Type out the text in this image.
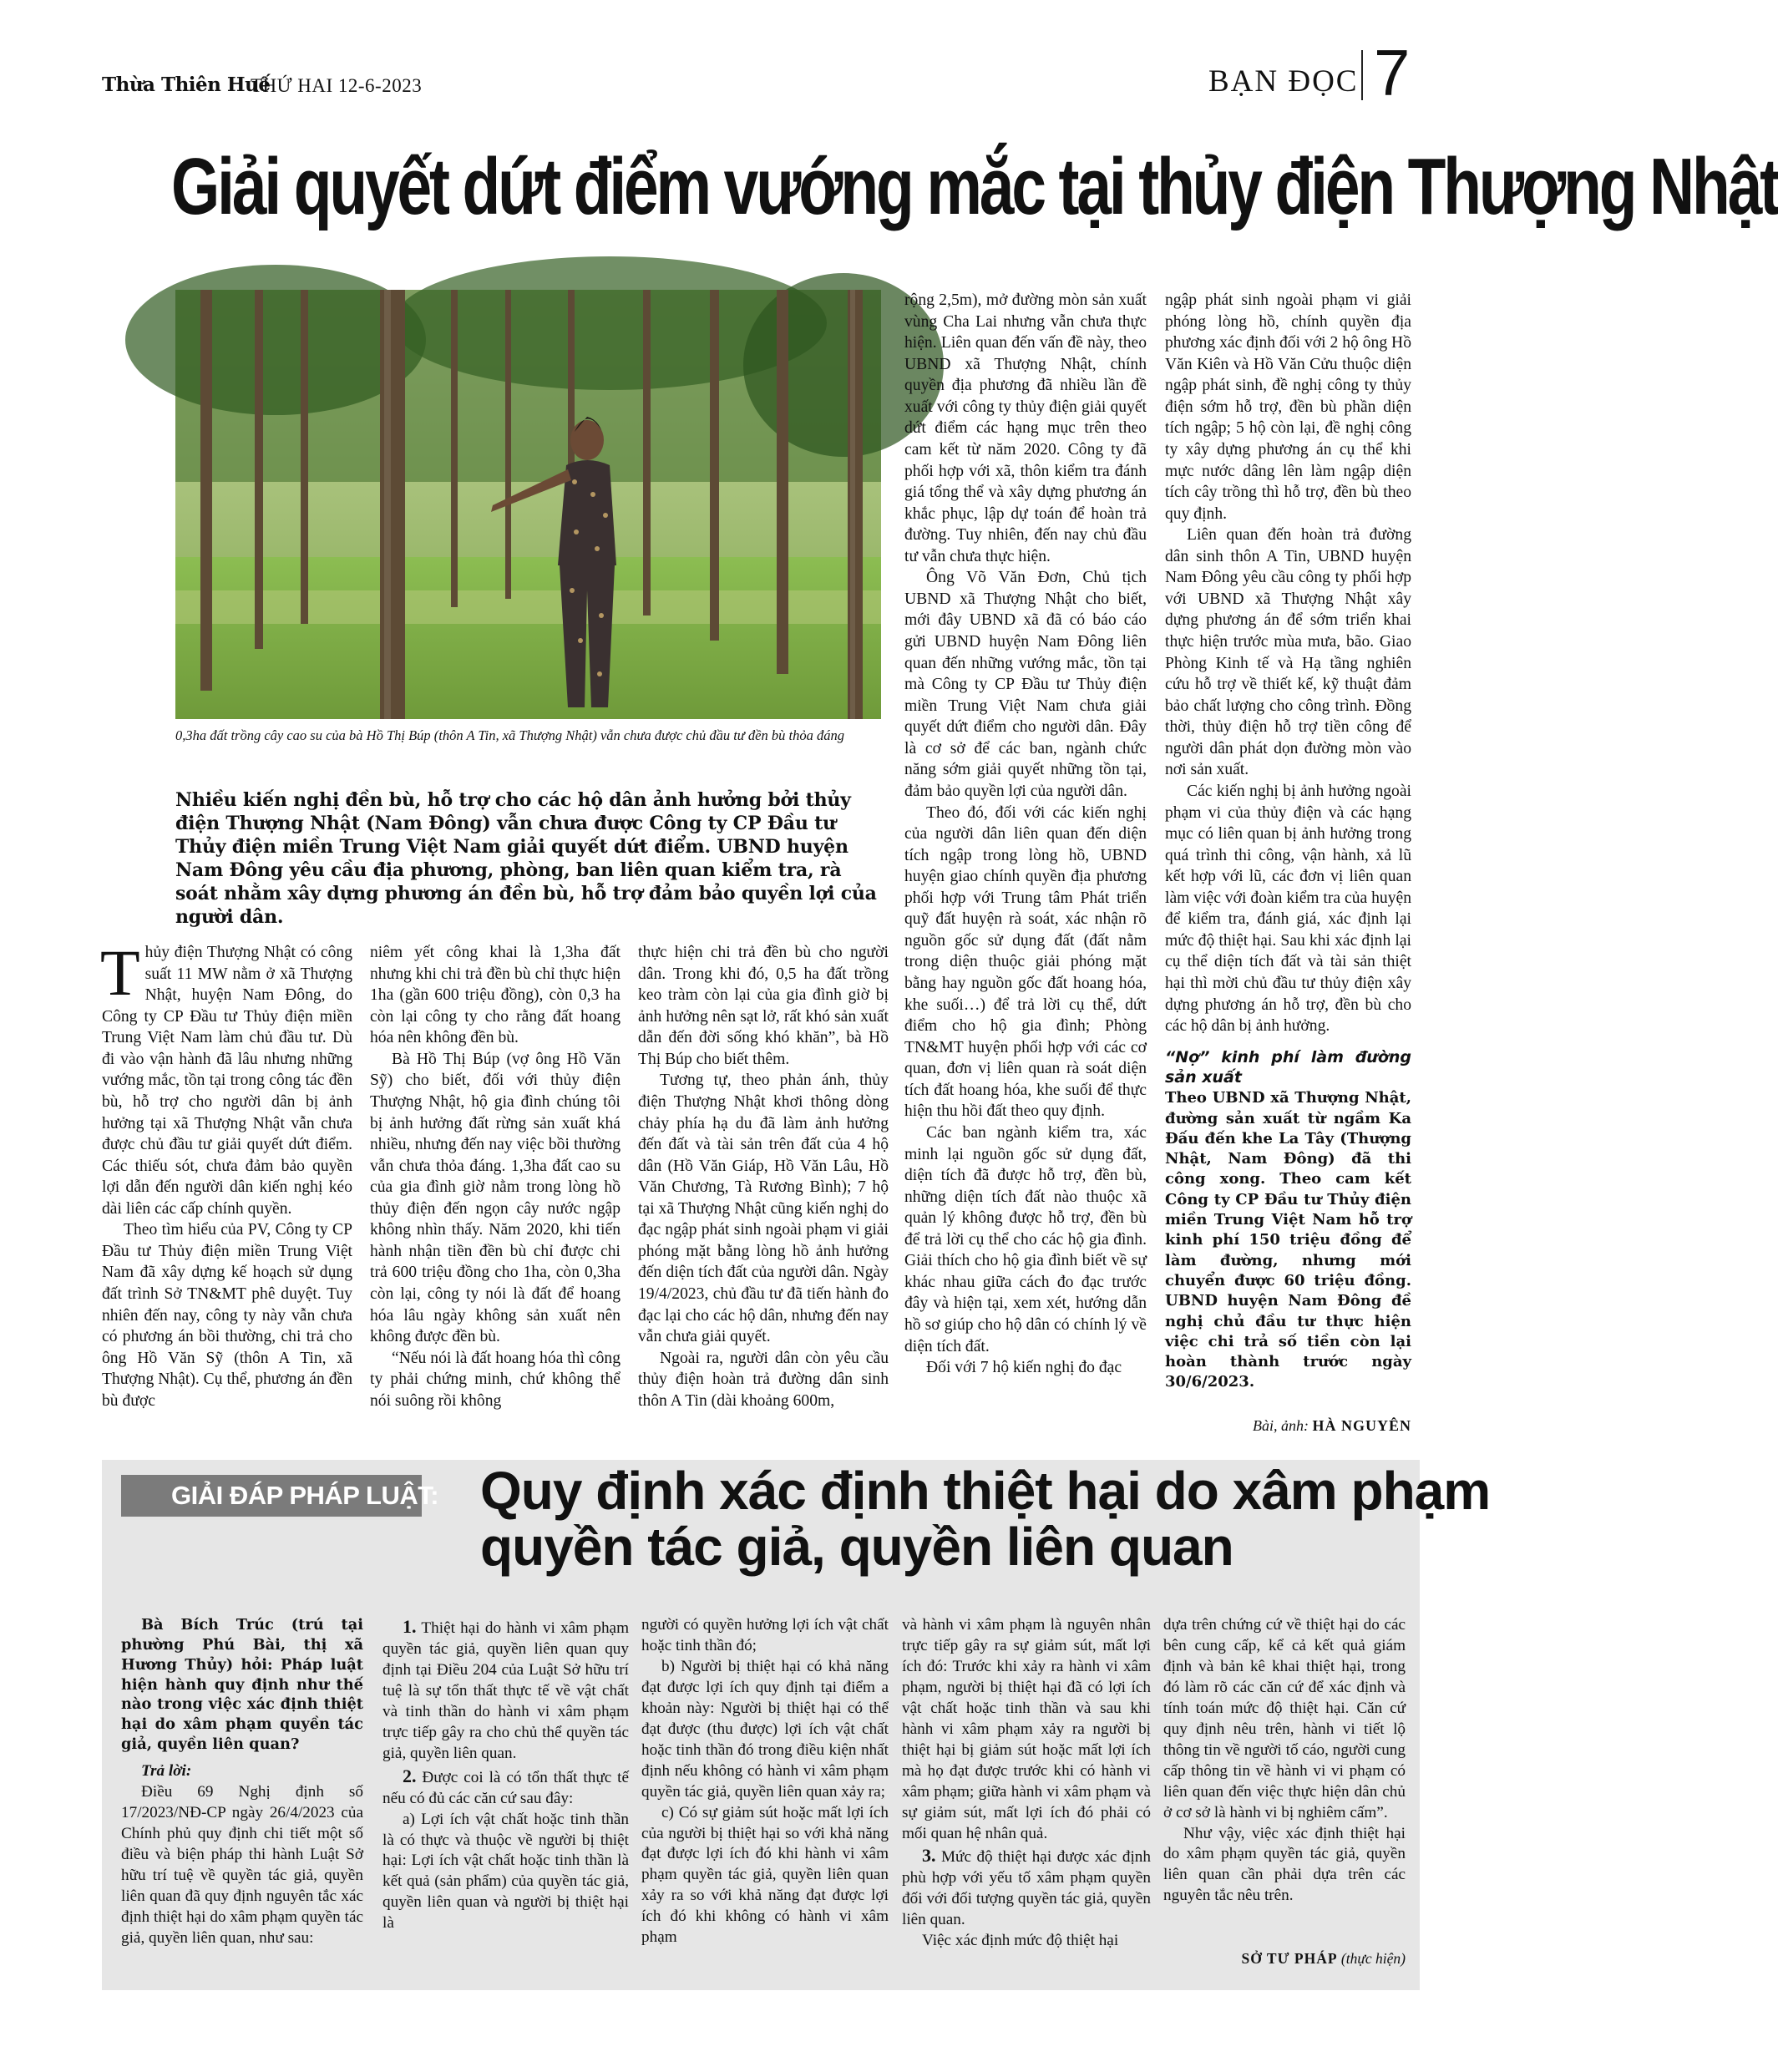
Thừa Thiên Huế
THỨ HAI 12-6-2023	BẠN ĐỌC 7
Giải quyết dứt điểm vướng mắc tại thủy điện Thượng Nhật
0,3ha đất trồng cây cao su của bà Hồ Thị Búp (thôn A Tin, xã Thượng Nhật) vẫn chưa được chủ đầu tư đền bù thỏa đáng
Nhiều kiến nghị đền bù, hỗ trợ cho các hộ dân ảnh hưởng bởi thủy điện Thượng Nhật (Nam Đông) vẫn chưa được Công ty CP Đầu tư Thủy điện miền Trung Việt Nam giải quyết dứt điểm. UBND huyện Nam Đông yêu cầu địa phương, phòng, ban liên quan kiểm tra, rà soát nhằm xây dựng phương án đền bù, hỗ trợ đảm bảo quyền lợi của người dân.

Thủy điện Thượng Nhật có công suất 11 MW nằm ở xã Thượng Nhật, huyện Nam Đông, do Công ty CP Đầu tư Thủy điện miền Trung Việt Nam làm chủ đầu tư. Dù đi vào vận hành đã lâu nhưng những vướng mắc, tồn tại trong công tác đền bù, hỗ trợ cho người dân bị ảnh hưởng tại xã Thượng Nhật vẫn chưa được chủ đầu tư giải quyết dứt điểm. Các thiếu sót, chưa đảm bảo quyền lợi dẫn đến người dân kiến nghị kéo dài liên các cấp chính quyền.

Theo tìm hiểu của PV, Công ty CP Đầu tư Thủy điện miền Trung Việt Nam đã xây dựng kế hoạch sử dụng đất trình Sở TN&MT phê duyệt. Tuy nhiên đến nay, công ty này vẫn chưa có phương án bồi thường, chi trả cho ông Hồ Văn Sỹ (thôn A Tin, xã Thượng Nhật). Cụ thể, phương án đền bù được

niêm yết công khai là 1,3ha đất nhưng khi chi trả đền bù chỉ thực hiện 1ha (gần 600 triệu đồng), còn 0,3 ha còn lại công ty cho rằng đất hoang hóa nên không đền bù.

Bà Hồ Thị Búp (vợ ông Hồ Văn Sỹ) cho biết, đối với thủy điện Thượng Nhật, hộ gia đình chúng tôi bị ảnh hưởng đất rừng sản xuất khá nhiều, nhưng đến nay việc bồi thường vẫn chưa thỏa đáng. 1,3ha đất cao su của gia đình giờ nằm trong lòng hồ thủy điện đến ngọn cây nước ngập không nhìn thấy. Năm 2020, khi tiến hành nhận tiền đền bù chỉ được chi trả 600 triệu đồng cho 1ha, còn 0,3ha còn lại, công ty nói là đất để hoang hóa lâu ngày không sản xuất nên không được đền bù.

“Nếu nói là đất hoang hóa thì công ty phải chứng minh, chứ không thể nói suông rồi không

thực hiện chi trả đền bù cho người dân. Trong khi đó, 0,5 ha đất trồng keo tràm còn lại của gia đình giờ bị ảnh hưởng nên sạt lở, rất khó sản xuất dẫn đến đời sống khó khăn”, bà Hồ Thị Búp cho biết thêm.

Tương tự, theo phản ánh, thủy điện Thượng Nhật khơi thông dòng chảy phía hạ du đã làm ảnh hưởng đến đất và tài sản trên đất của 4 hộ dân (Hồ Văn Giáp, Hồ Văn Lâu, Hồ Văn Chương, Tà Rương Bình); 7 hộ tại xã Thượng Nhật cũng kiến nghị do đạc ngập phát sinh ngoài phạm vi giải phóng mặt bằng lòng hồ ảnh hưởng đến diện tích đất của người dân. Ngày 19/4/2023, chủ đầu tư đã tiến hành đo đạc lại cho các hộ dân, nhưng đến nay vẫn chưa giải quyết.

Ngoài ra, người dân còn yêu cầu thủy điện hoàn trả đường dân sinh thôn A Tin (dài khoảng 600m,

rộng 2,5m), mở đường mòn sản xuất vùng Cha Lai nhưng vẫn chưa thực hiện. Liên quan đến vấn đề này, theo UBND xã Thượng Nhật, chính quyền địa phương đã nhiều lần đề xuất với công ty thủy điện giải quyết dứt điểm các hạng mục trên theo cam kết từ năm 2020. Công ty đã phối hợp với xã, thôn kiểm tra đánh giá tổng thể và xây dựng phương án khắc phục, lập dự toán để hoàn trả đường. Tuy nhiên, đến nay chủ đầu tư vẫn chưa thực hiện.

Ông Võ Văn Đơn, Chủ tịch UBND xã Thượng Nhật cho biết, mới đây UBND xã đã có báo cáo gửi UBND huyện Nam Đông liên quan đến những vướng mắc, tồn tại mà Công ty CP Đầu tư Thủy điện miền Trung Việt Nam chưa giải quyết dứt điểm cho người dân. Đây là cơ sở để các ban, ngành chức năng sớm giải quyết những tồn tại, đảm bảo quyền lợi của người dân.

Theo đó, đối với các kiến nghị của người dân liên quan đến diện tích ngập trong lòng hồ, UBND huyện giao chính quyền địa phương phối hợp với Trung tâm Phát triển quỹ đất huyện rà soát, xác nhận rõ nguồn gốc sử dụng đất (đất nằm trong diện thuộc giải phóng mặt bằng hay nguồn gốc đất hoang hóa, khe suối…) để trả lời cụ thể, dứt điểm cho hộ gia đình; Phòng TN&MT huyện phối hợp với các cơ quan, đơn vị liên quan rà soát diện tích đất hoang hóa, khe suối để thực hiện thu hồi đất theo quy định.

Các ban ngành kiểm tra, xác minh lại nguồn gốc sử dụng đất, diện tích đã được hỗ trợ, đền bù, những diện tích đất nào thuộc xã quản lý không được hỗ trợ, đền bù để trả lời cụ thể cho các hộ gia đình. Giải thích cho hộ gia đình biết về sự khác nhau giữa cách đo đạc trước đây và hiện tại, xem xét, hướng dẫn hồ sơ giúp cho hộ dân có chính lý về diện tích đất.

Đối với 7 hộ kiến nghị đo đạc

ngập phát sinh ngoài phạm vi giải phóng lòng hồ, chính quyền địa phương xác định đối với 2 hộ ông Hồ Văn Kiên và Hồ Văn Cửu thuộc diện ngập phát sinh, đề nghị công ty thủy điện sớm hỗ trợ, đền bù phần diện tích ngập; 5 hộ còn lại, đề nghị công ty xây dựng phương án cụ thể khi mực nước dâng lên làm ngập diện tích cây trồng thì hỗ trợ, đền bù theo quy định.

Liên quan đến hoàn trả đường dân sinh thôn A Tin, UBND huyện Nam Đông yêu cầu công ty phối hợp với UBND xã Thượng Nhật xây dựng phương án để sớm triển khai thực hiện trước mùa mưa, bão. Giao Phòng Kinh tế và Hạ tầng nghiên cứu hỗ trợ về thiết kế, kỹ thuật đảm bảo chất lượng cho công trình. Đồng thời, thủy điện hỗ trợ tiền công để người dân phát dọn đường mòn vào nơi sản xuất.

Các kiến nghị bị ảnh hưởng ngoài phạm vi của thủy điện và các hạng mục có liên quan bị ảnh hưởng trong quá trình thi công, vận hành, xả lũ kết hợp với lũ, các đơn vị liên quan làm việc với đoàn kiểm tra của huyện để kiểm tra, đánh giá, xác định lại mức độ thiệt hại. Sau khi xác định lại cụ thể diện tích đất và tài sản thiệt hại thì mời chủ đầu tư thủy điện xây dựng phương án hỗ trợ, đền bù cho các hộ dân bị ảnh hưởng.

“Nợ” kinh phí làm đường sản xuất
Theo UBND xã Thượng Nhật, đường sản xuất từ ngầm Ka Đấu đến khe La Tây (Thượng Nhật, Nam Đông) đã thi công xong. Theo cam kết Công ty CP Đầu tư Thủy điện miền Trung Việt Nam hỗ trợ kinh phí 150 triệu đồng để làm đường, nhưng mới chuyển được 60 triệu đồng. UBND huyện Nam Đông đề nghị chủ đầu tư thực hiện việc chi trả số tiền còn lại hoàn thành trước ngày 30/6/2023.
Bài, ảnh: HÀ NGUYÊN
GIẢI ĐÁP PHÁP LUẬT: Quy định xác định thiệt hại do xâm phạm
quyền tác giả, quyền liên quan

Bà Bích Trúc (trú tại phường Phú Bài, thị xã Hương Thủy) hỏi: Pháp luật hiện hành quy định như thế nào trong việc xác định thiệt hại do xâm phạm quyền tác giả, quyền liên quan?

Trả lời:

Điều 69 Nghị định số 17/2023/NĐ-CP ngày 26/4/2023 của Chính phủ quy định chi tiết một số điều và biện pháp thi hành Luật Sở hữu trí tuệ về quyền tác giả, quyền liên quan đã quy định nguyên tắc xác định thiệt hại do xâm phạm quyền tác giả, quyền liên quan, như sau:

1. Thiệt hại do hành vi xâm phạm quyền tác giả, quyền liên quan quy định tại Điều 204 của Luật Sở hữu trí tuệ là sự tổn thất thực tế về vật chất và tinh thần do hành vi xâm phạm trực tiếp gây ra cho chủ thể quyền tác giả, quyền liên quan.

2. Được coi là có tổn thất thực tế nếu có đủ các căn cứ sau đây:

a) Lợi ích vật chất hoặc tinh thần là có thực và thuộc về người bị thiệt hại: Lợi ích vật chất hoặc tinh thần là kết quả (sản phẩm) của quyền tác giả, quyền liên quan và người bị thiệt hại là

người có quyền hưởng lợi ích vật chất hoặc tinh thần đó;

b) Người bị thiệt hại có khả năng đạt được lợi ích quy định tại điểm a khoản này: Người bị thiệt hại có thể đạt được (thu được) lợi ích vật chất hoặc tinh thần đó trong điều kiện nhất định nếu không có hành vi xâm phạm quyền tác giả, quyền liên quan xảy ra;

c) Có sự giảm sút hoặc mất lợi ích của người bị thiệt hại so với khả năng đạt được lợi ích đó khi hành vi xâm phạm quyền tác giả, quyền liên quan xảy ra so với khả năng đạt được lợi ích đó khi không có hành vi xâm phạm

và hành vi xâm phạm là nguyên nhân trực tiếp gây ra sự giảm sút, mất lợi ích đó: Trước khi xảy ra hành vi xâm phạm, người bị thiệt hại đã có lợi ích vật chất hoặc tinh thần và sau khi hành vi xâm phạm xảy ra người bị thiệt hại bị giảm sút hoặc mất lợi ích mà họ đạt được trước khi có hành vi xâm phạm; giữa hành vi xâm phạm và sự giảm sút, mất lợi ích đó phải có mối quan hệ nhân quả.

3. Mức độ thiệt hại được xác định phù hợp với yếu tố xâm phạm quyền đối với đối tượng quyền tác giả, quyền liên quan.

Việc xác định mức độ thiệt hại

dựa trên chứng cứ về thiệt hại do các bên cung cấp, kể cả kết quả giám định và bản kê khai thiệt hại, trong đó làm rõ các căn cứ để xác định và tính toán mức độ thiệt hại. Căn cứ quy định nêu trên, hành vi tiết lộ thông tin về người tố cáo, người cung cấp thông tin về hành vi vi phạm có liên quan đến việc thực hiện dân chủ ở cơ sở là hành vi bị nghiêm cấm”.

Như vậy, việc xác định thiệt hại do xâm phạm quyền tác giả, quyền liên quan cần phải dựa trên các nguyên tắc nêu trên.

SỞ TƯ PHÁP (thực hiện)
